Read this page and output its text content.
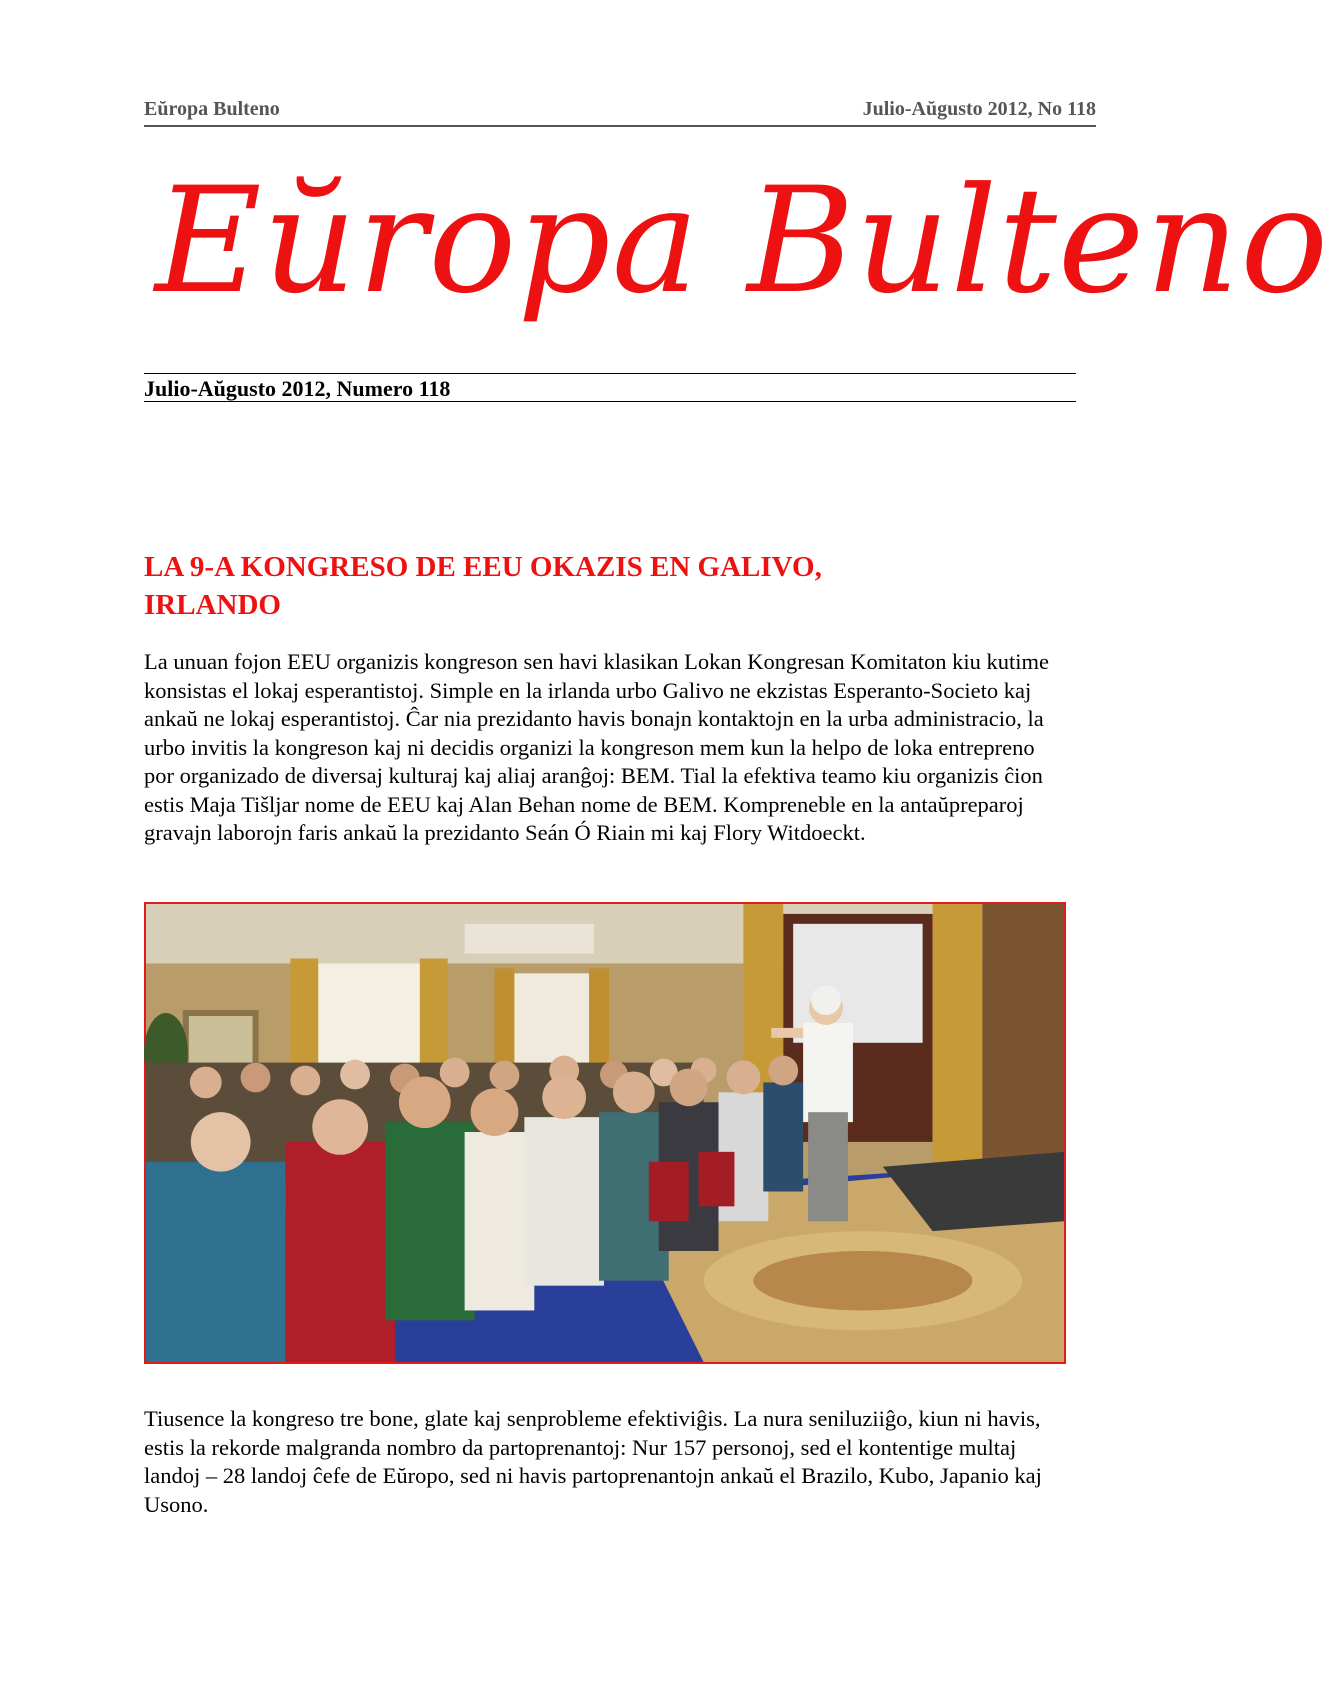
Eŭropa Bulteno	Julio-Aŭgusto 2012, No 118
Eŭropa Bulteno
Julio-Aŭgusto 2012, Numero 118
LA 9-A KONGRESO DE EEU OKAZIS EN GALIVO, IRLANDO

La unuan fojon EEU organizis kongreson sen havi klasikan Lokan Kongresan Komitaton kiu kutime konsistas el lokaj esperantistoj. Simple en la irlanda urbo Galivo ne ekzistas Esperanto-Societo kaj ankaŭ ne lokaj esperantistoj. Ĉar nia prezidanto havis bonajn kontaktojn en la urba administracio, la urbo invitis la kongreson kaj ni decidis organizi la kongreson mem kun la helpo de loka entrepreno por organizado de diversaj kulturaj kaj aliaj aranĝoj: BEM. Tial la efektiva teamo kiu organizis ĉion estis Maja Tišljar nome de EEU kaj Alan Behan nome de BEM. Kompreneble en la antaŭpreparoj gravajn laborojn faris ankaŭ la prezidanto Seán Ó Riain mi kaj Flory Witdoeckt.

Tiusence la kongreso tre bone, glate kaj senprobleme efektiviĝis. La nura seniluziiĝo, kiun ni havis, estis la rekorde malgranda nombro da partoprenantoj: Nur 157 personoj, sed el kontentige multaj landoj – 28 landoj ĉefe de Eŭropo, sed ni havis partoprenantojn ankaŭ el Brazilo, Kubo, Japanio kaj Usono.
